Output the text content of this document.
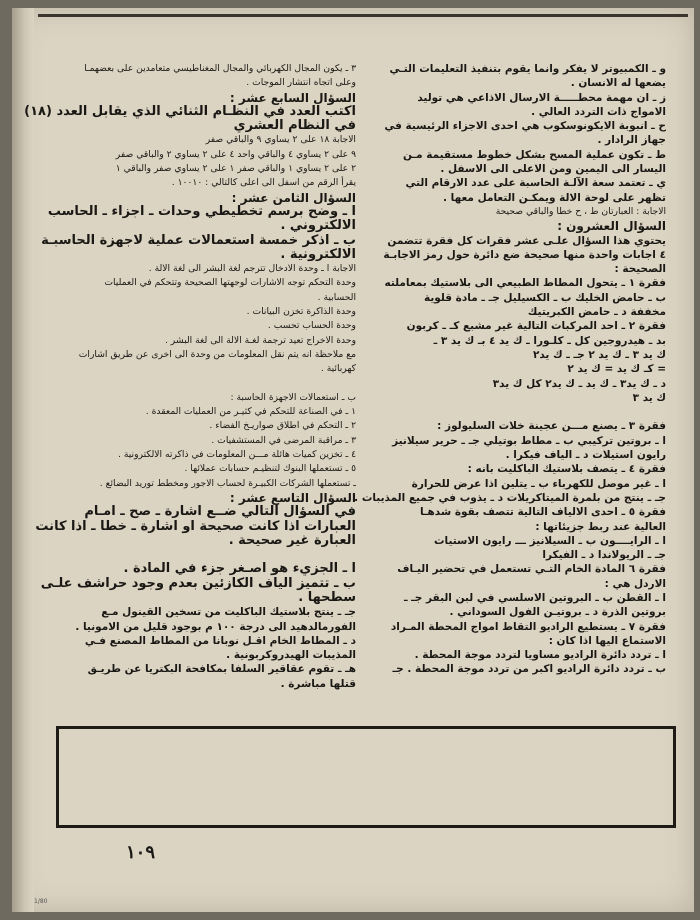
و ـ الكمبيوتر لا يفكر وانما يقوم بتنفيذ التعليمات التـي
يضعها له الانسان .
ز ـ ان مهمة محطـــــة الارسال الاذاعي هي توليد
الامواج ذات التردد العالي .
ح ـ انبوبة الايكونوسكوب هي احدى الاجزاء الرئيسية في
جهاز الرادار .
ط ـ تكون عملية المسح بشكل خطوط مستقيمة مـن
اليسار الى اليمين ومن الاعلى الى الاسفل .
ي ـ تعتمد سعة الآلـة الحاسبة على عدد الارقام التي
تظهر على لوحة الالة ويمكـن التعامل معها .
الاجابة : العبارتان ط ، ح خطا والباقي صحيحة
السؤال العشرون :
يحتوي هذا السؤال علـى عشر فقرات كل فقرة تتضمن
٤ اجابات واحدة منها صحيحة ضع دائرة حول رمز الاجابـة
الصحيحة :
فقرة ١ ـ يتحول المطاط الطبيعي الى بلاستيك بمعاملته
ب ـ حامض الخليك ب ـ الكسيليل جـ ـ مادة قلوية
مخففة د ـ حامض الكبريتيك
فقرة ٢ ـ احد المركبات التالية غير مشبع كـ ـ كربون
بد ـ هيدروجين كل ـ كلـورا ـ ك يد ٤ بـ ك يد ٣ ـ
ك يد ٣ ـ ك يد ٢ جـ ـ ك يد٢
= كـ ك يد = ك يد ٢
د ـ ك يد٣ ـ ك يد ـ ك يد٢ كل ك يد٣
ك يد ٣

فقرة ٣ ـ يصنع مـــن عجينة خلات السليولوز :
ا ـ بروتين تركيبي ب ـ مطاط بوتيلي جـ ـ حرير سيلانيز
رايون استيلات د ـ الياف فيكرا .
فقرة ٤ ـ يتصف بلاستيك الباكليت بانه :
ا ـ غير موصل للكهرباء ب ـ يتلين اذا عرض للحرارة
جـ ـ ينتج من بلمرة الميتاكريلات د ـ يذوب في جميع المذيبات .
فقرة ٥ ـ احدى الالياف التالية تتصف بقوة شدهـا
العالية عند ربط جزيئاتها :
ا ـ الرايــــون ب ـ السيلانيز ـــ رايون الاستيات
جـ ـ الريولاندا د ـ الفيكرا
فقرة ٦ المادة الخام التـي تستعمل في تحضير اليـاف
الاردل هي :
ا ـ القطن ب ـ البروتين الاسلسي في لبن البقر جـ ـ
بروتين الذرة د ـ بروتيـن الفول السوداني .
فقرة ٧ ـ يستطيع الراديو التقاط امواج المحطة المـراد
الاستماع اليها اذا كان :
ا ـ تردد دائرة الراديو مساويا لتردد موجة المحطة .
ب ـ تردد دائرة الراديو اكبر من تردد موجة المحطة . جـ
٣ ـ يكون المجال الكهربائي والمجال المغناطيسي متعامدين على بعضهمـا
وعلى اتجاه انتشار الموجات .
السؤال السابع عشر :
اكتب العدد في النظـام الثنائي الذي يقابل العدد (١٨)
في النظام العشري
الاجابة ١٨ على ٢ يساوي ٩ والباقي صفر
٩ على ٢ يساوي ٤ والباقي واحد ٤ على ٢ يساوي ٢ والباقي صفر
٢ على ٢ يساوي ١ والباقي صفر ١ على ٢ يساوي صفر والباقي ١
يقرأ الرقم من اسفل الى اعلى كالتالي : ١٠٠١٠ .
السؤال الثامن عشر :
ا ـ وضح برسم تخطيطي وحدات ـ اجزاء ـ الحاسب
الالكتروني .
ب ـ اذكر خمسة استعمالات عملية لاجهزة الحاسبـة
الالكترونية .
الاجابة ا ـ وحدة الادخال تترجم لغة البشر الى لغة الالة .
وحدة التحكم توجه الاشارات لوجهتها الصحيحة وتتحكم في العمليات
الحسابية .
وحدة الذاكرة تخزن البيانات .
وحدة الحساب تحسب .
وحدة الاخراج تعيد ترجمة لغـة الالة الى لغة البشر .
مع ملاحظة انه يتم نقل المعلومات من وحدة الى اخرى عن طريق اشارات
كهربائية .

ب ـ استعمالات الاجهزة الحاسبة :
١ ـ في الصناعة للتحكم في كثيـر من العمليات المعقدة .
٢ ـ التحكم في اطلاق صواريـخ الفضاء .
٣ ـ مراقبة المرضى في المستشفيات .
٤ ـ تخزين كميات هائلة مـــن المعلومات في ذاكرته الالكترونية .
٥ ـ تستعملها البنوك لتنظيـم حسابات عملائها .
ـ تستعملها الشركات الكبيـرة لحساب الاجور ومخطط توريد البضائع .
السؤال التاسع عشر :
في السؤال التالي ضــع اشارة ـ صح ـ امـام
العبارات اذا كانت صحيحة او اشارة ـ خطا ـ اذا كانت
العبارة غير صحيحة .

ا ـ الجزيء هو اصـغر جزء في المادة .
ب ـ تتميز الياف الكازئين بعدم وجود حراشف علـى
سطحها .
جـ ـ ينتج بلاستيك الباكليت من تسخين القينول مـع
الفورمالدهيد الى درجة ١٠٠ م بوجود قليل من الامونيا .
د ـ المطاط الخام اقـل نوبانا من المطاط المصنع فـي
المذيبات الهيدروكربونية .
هـ ـ تقوم عقاقير السلفا بمكافحة البكتريا عن طريـق
قتلها مباشرة .
١٠٩
1/80
